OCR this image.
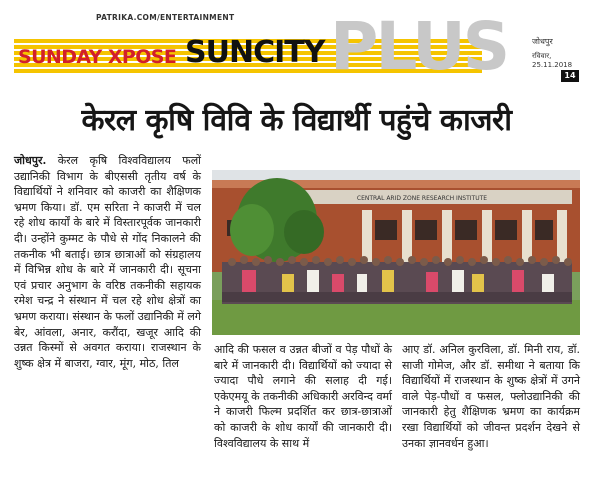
PATRIKA.COM/ENTERTAINMENT
SUNDAY XPOSE SUNCITY PLUS	जोधपुर
रविवार, 25.11.2018
14
केरल कृषि विवि के विद्यार्थी पहुंचे काजरी
जोधपुर. केरल कृषि विश्वविद्यालय फलों उद्यानिकी विभाग के बीएससी तृतीय वर्ष के विद्यार्थियों ने शनिवार को काजरी का शैक्षिणक भ्रमण किया। डॉ. एम सरिता ने काजरी में चल रहे शोध कार्यों के बारे में विस्तारपूर्वक जानकारी दी। उन्होंने कुम्मट के पौधे से गोंद निकालने की तकनीक भी बताई। छात्र छात्राओं को संग्रहालय में विभिन्न शोध के बारे में जानकारी दी। सूचना एवं प्रचार अनुभाग के वरिष्ठ तकनीकी सहायक रमेश चन्द्र ने संस्थान में चल रहे शोध क्षेत्रों का भ्रमण कराया। संस्थान के फलों उद्यानिकी में लगे बेर, आंवला, अनार, करौंदा, खजूर आदि की उन्नत किस्मों से अवगत कराया। राजस्थान के शुष्क क्षेत्र में बाजरा, ग्वार, मूंग, मोठ, तिल
CENTRAL ARID ZONE RESEARCH INSTITUTE
आदि की फसल व उन्नत बीजों व पेड़ पौधों के बारे में जानकारी दी। विद्यार्थियों को ज्यादा से ज्यादा पौधे लगाने की सलाह दी गई। एकेएमयू के तकनीकी अधिकारी अरविन्द वर्मा ने काजरी फिल्म प्रदर्शित कर छात्र-छात्राओं को काजरी के शोध कार्यों की जानकारी दी। विश्वविद्यालय के साथ में
आए डॉ. अनिल कुरविला, डॉ. मिनी राय, डॉ. साजी गोमेज, और डॉ. समीथा ने बताया कि विद्यार्थियों में राजस्थान के शुष्क क्षेत्रों में उगने वाले पेड़-पौधों व फसल, फ्लोउद्यानिकी की जानकारी हेतु शैक्षिणक भ्रमण का कार्यक्रम रखा विद्यार्थियों को जीवन्त प्रदर्शन देखने से उनका ज्ञानवर्धन हुआ।
